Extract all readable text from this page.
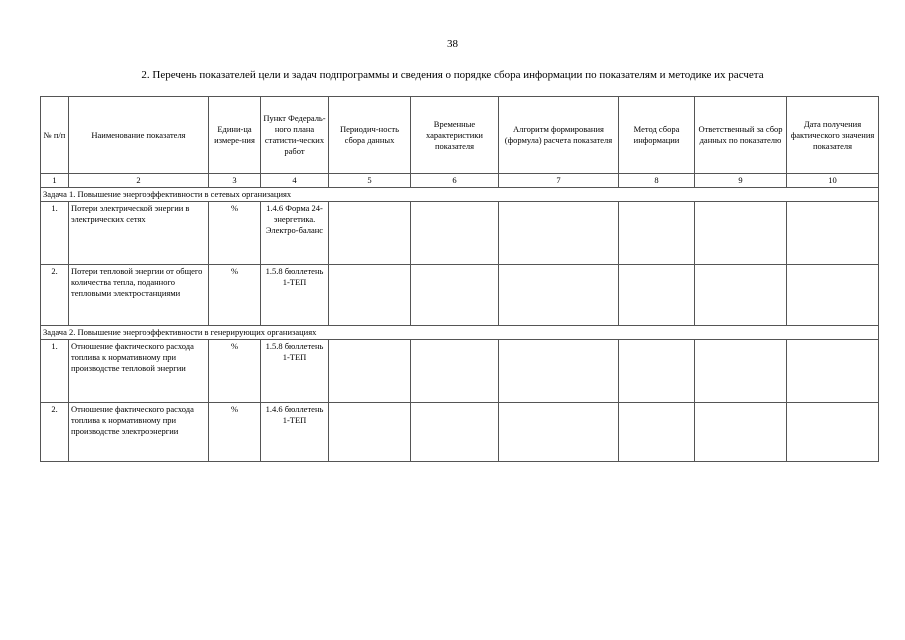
38
2. Перечень показателей цели и задач подпрограммы и сведения о порядке сбора информации по показателям и методике их расчета
№ п/п	Наименование показателя	Едини-ца измере-ния	Пункт Федераль-ного плана статисти-ческих работ	Периодич-ность сбора данных	Временные характеристики показателя	Алгоритм формирования (формула) расчета показателя	Метод сбора информации	Ответственный за сбор данных по показателю	Дата получения фактического значения показателя
1	2	3	4	5	6	7	8	9	10
Задача 1. Повышение энергоэффективности в сетевых организациях									
1.	Потери электрической энергии в электрических сетях	%	1.4.6 Форма 24-энергетика. Электро-баланс						
2.	Потери тепловой энергии от общего количества тепла, поданного тепловыми электростанциями	%	1.5.8 бюллетень 1-ТЕП						
Задача 2. Повышение энергоэффективности в генерирующих организациях									
1.	Отношение фактического расхода топлива к нормативному при производстве тепловой энергии	%	1.5.8 бюллетень 1-ТЕП						
2.	Отношение фактического расхода топлива к нормативному при производстве электроэнергии	%	1.4.6 бюллетень 1-ТЕП						
